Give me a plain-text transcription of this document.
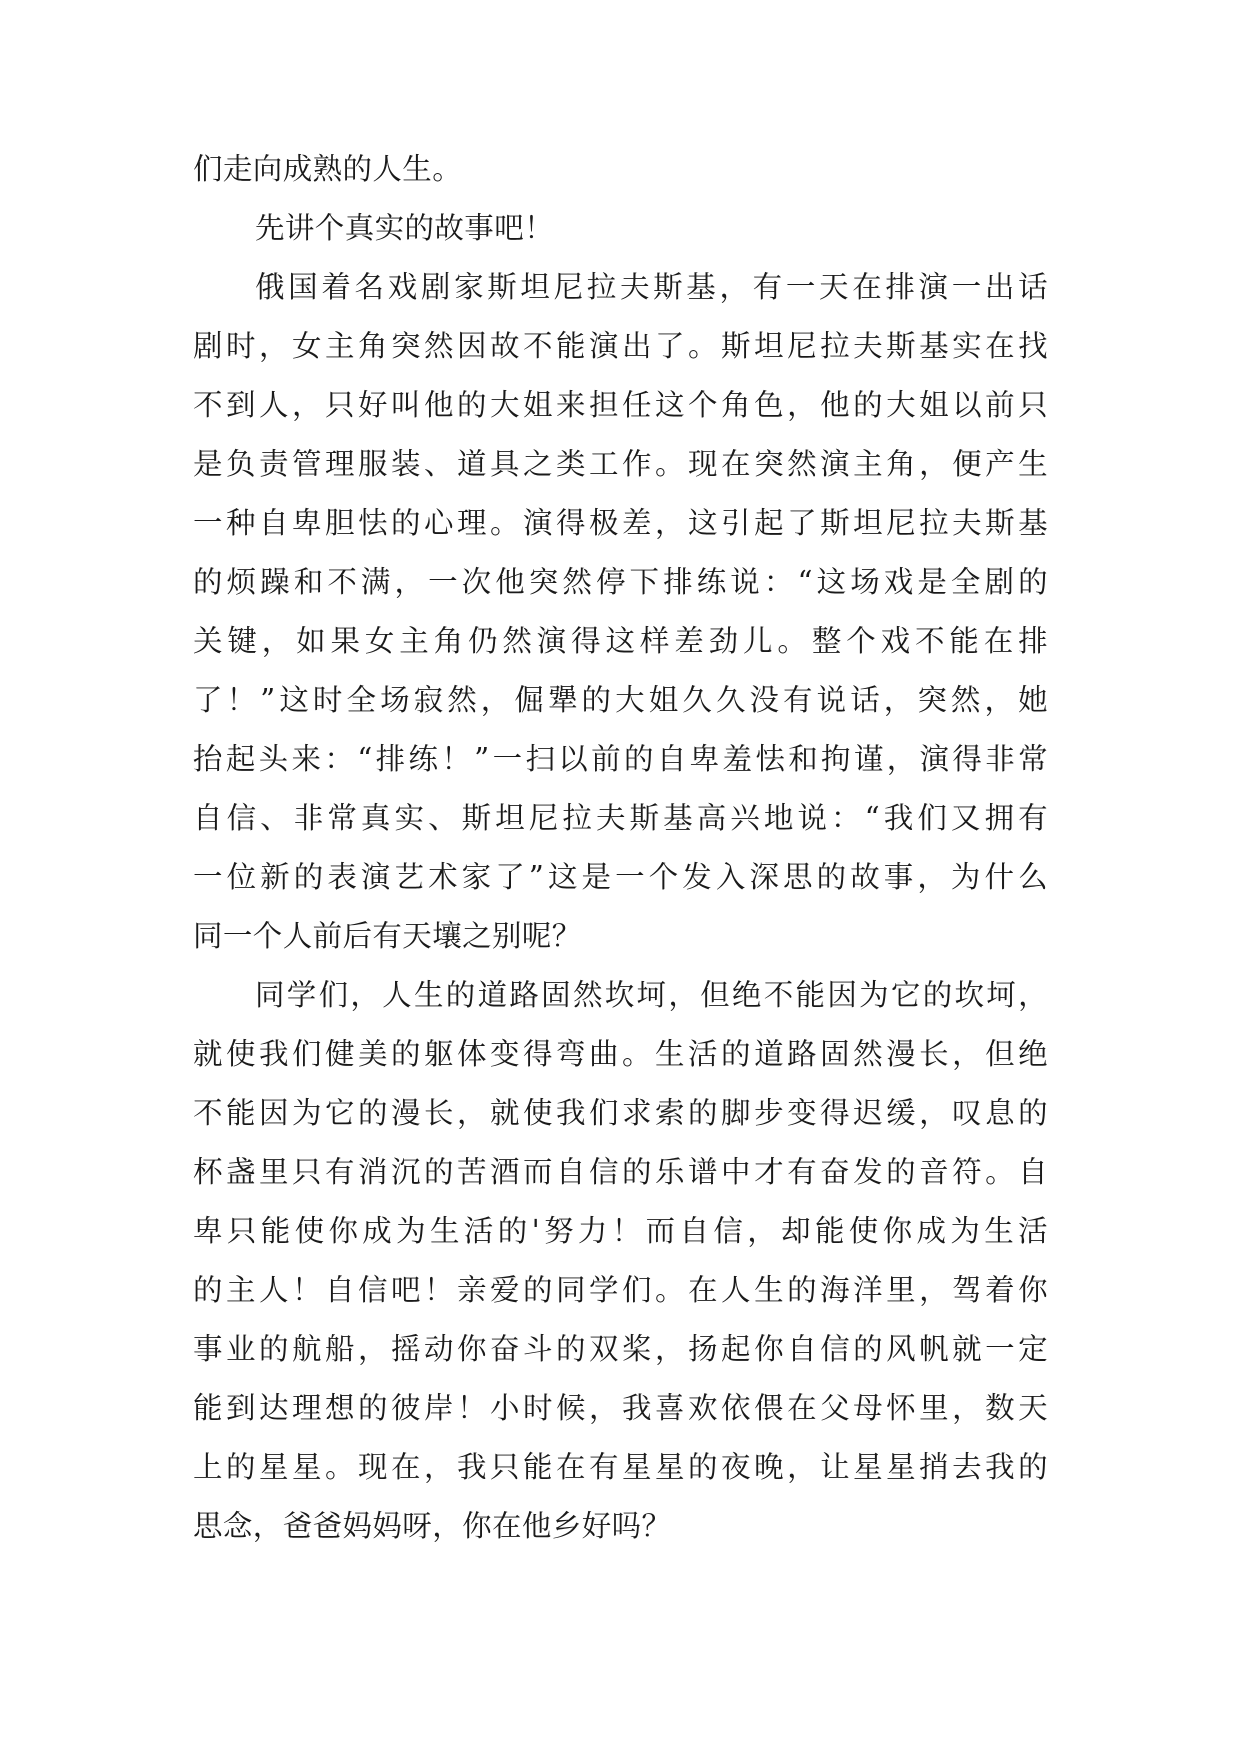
们走向成熟的人生。
先讲个真实的故事吧！
俄国着名戏剧家斯坦尼拉夫斯基，有一天在排演一出话
剧时，女主角突然因故不能演出了。斯坦尼拉夫斯基实在找
不到人，只好叫他的大姐来担任这个角色，他的大姐以前只
是负责管理服装、道具之类工作。现在突然演主角，便产生
一种自卑胆怯的心理。演得极差，这引起了斯坦尼拉夫斯基
的烦躁和不满，一次他突然停下排练说：“这场戏是全剧的
关键，如果女主角仍然演得这样差劲儿。整个戏不能在排
了！”这时全场寂然，倔犟的大姐久久没有说话，突然，她
抬起头来：“排练！”一扫以前的自卑羞怯和拘谨，演得非常
自信、非常真实、斯坦尼拉夫斯基高兴地说：“我们又拥有
一位新的表演艺术家了”这是一个发入深思的故事，为什么
同一个人前后有天壤之别呢？
同学们，人生的道路固然坎坷，但绝不能因为它的坎坷，
就使我们健美的躯体变得弯曲。生活的道路固然漫长，但绝
不能因为它的漫长，就使我们求索的脚步变得迟缓，叹息的
杯盏里只有消沉的苦酒而自信的乐谱中才有奋发的音符。自
卑只能使你成为生活的'努力！而自信，却能使你成为生活
的主人！自信吧！亲爱的同学们。在人生的海洋里，驾着你
事业的航船，摇动你奋斗的双桨，扬起你自信的风帆就一定
能到达理想的彼岸！小时候，我喜欢依偎在父母怀里，数天
上的星星。现在，我只能在有星星的夜晚，让星星捎去我的
思念，爸爸妈妈呀，你在他乡好吗？
